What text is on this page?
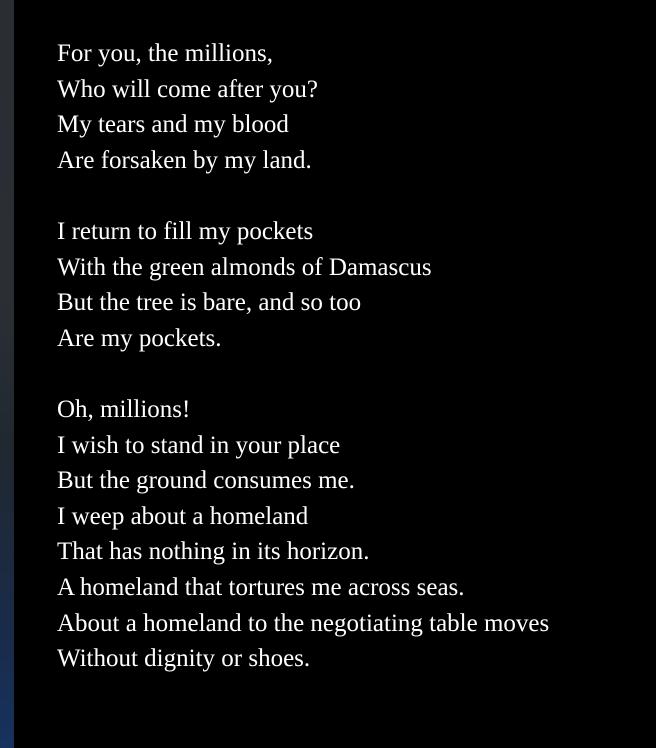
For you, the millions,
Who will come after you?
My tears and my blood
Are forsaken by my land.
I return to fill my pockets
With the green almonds of Damascus
But the tree is bare, and so too
Are my pockets.
Oh, millions!
I wish to stand in your place
But the ground consumes me.
I weep about a homeland
That has nothing in its horizon.
A homeland that tortures me across seas.
About a homeland to the negotiating table moves
Without dignity or shoes.
